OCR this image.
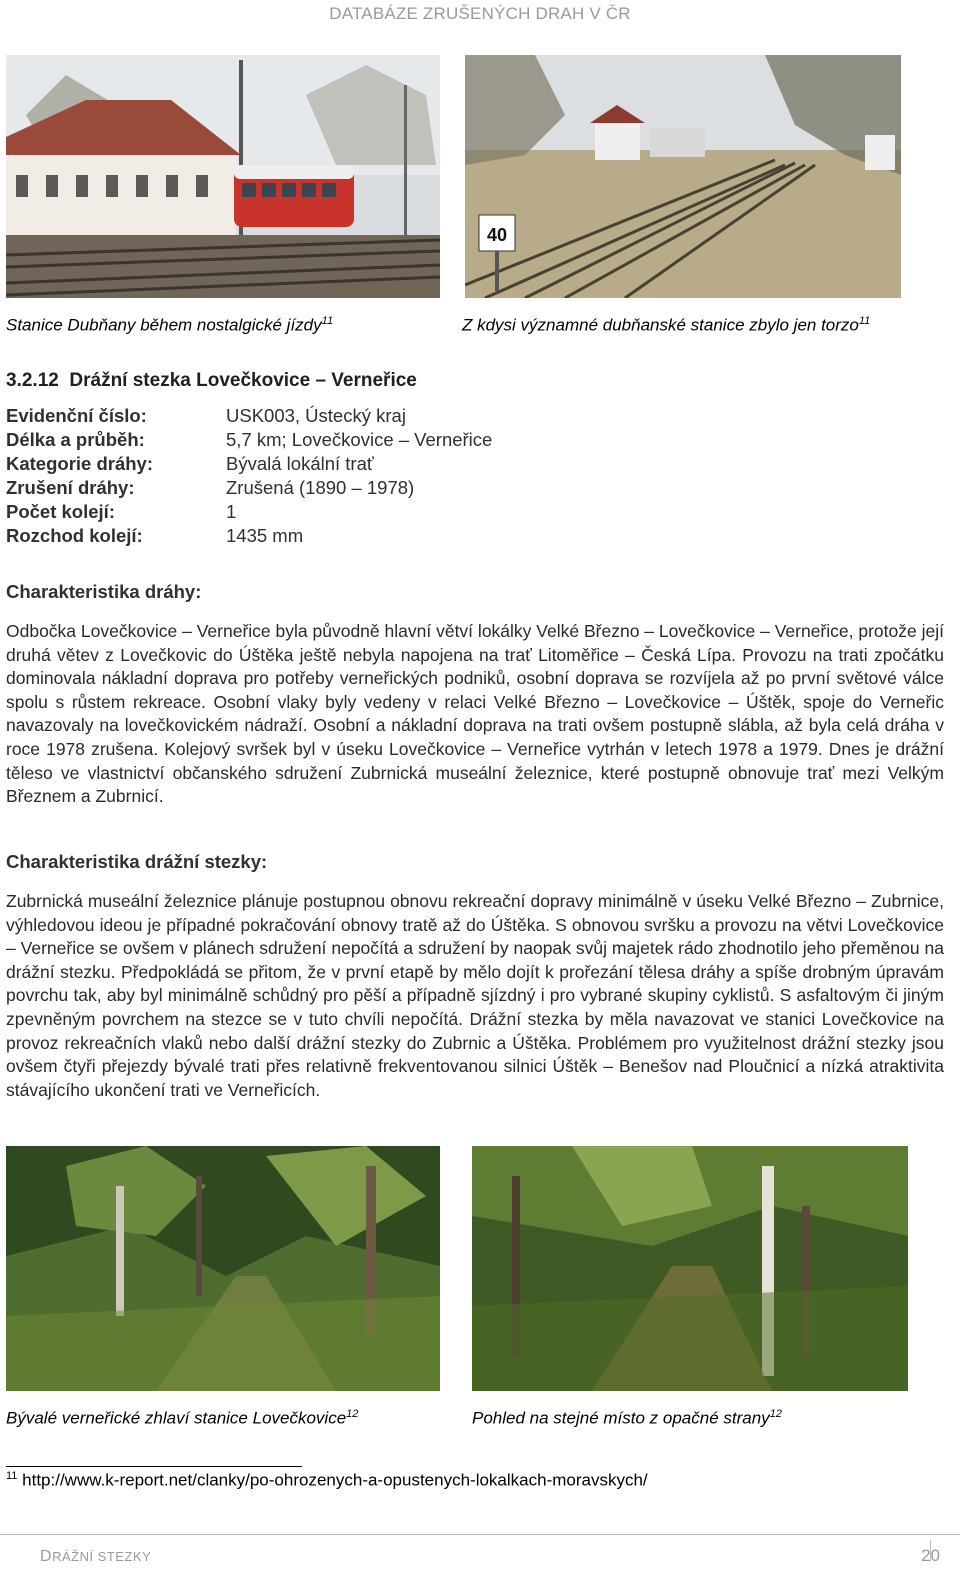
DATABÁZE ZRUŠENÝCH DRAH V ČR
40
Stanice Dubňany během nostalgické jízdy$^{11}$	Z kdysi významné dubňanské stanice zbylo jen torzo$^{11}$
3.2.12 Drážní stezka Lovečkovice – Verneřice
Evidenční číslo:	USK003, Ústecký kraj
Délka a průběh:	5,7 km; Lovečkovice – Verneřice
Kategorie dráhy:	Bývalá lokální trať
Zrušení dráhy:	Zrušená (1890 – 1978)
Počet kolejí:	1
Rozchod kolejí:	1435 mm
Charakteristika dráhy:
Odbočka Lovečkovice – Verneřice byla původně hlavní větví lokálky Velké Březno – Lovečkovice – Verneřice, protože její druhá větev z Lovečkovic do Úštěka ještě nebyla napojena na trať Litoměřice – Česká Lípa. Provozu na trati zpočátku dominovala nákladní doprava pro potřeby verneřických podniků, osobní doprava se rozvíjela až po první světové válce spolu s růstem rekreace. Osobní vlaky byly vedeny v relaci Velké Březno – Lovečkovice – Úštěk, spoje do Verneřic navazovaly na lovečkovickém nádraží. Osobní a nákladní doprava na trati ovšem postupně slábla, až byla celá dráha v roce 1978 zrušena. Kolejový svršek byl v úseku Lovečkovice – Verneřice vytrhán v letech 1978 a 1979. Dnes je drážní těleso ve vlastnictví občanského sdružení Zubrnická museální železnice, které postupně obnovuje trať mezi Velkým Březnem a Zubrnicí.
Charakteristika drážní stezky:
Zubrnická museální železnice plánuje postupnou obnovu rekreační dopravy minimálně v úseku Velké Březno – Zubrnice, výhledovou ideou je případné pokračování obnovy tratě až do Úštěka. S obnovou svršku a provozu na větvi Lovečkovice – Verneřice se ovšem v plánech sdružení nepočítá a sdružení by naopak svůj majetek rádo zhodnotilo jeho přeměnou na drážní stezku. Předpokládá se přitom, že v první etapě by mělo dojít k prořezání tělesa dráhy a spíše drobným úpravám povrchu tak, aby byl minimálně schůdný pro pěší a případně sjízdný i pro vybrané skupiny cyklistů. S asfaltovým či jiným zpevněným povrchem na stezce se v tuto chvíli nepočítá. Drážní stezka by měla navazovat ve stanici Lovečkovice na provoz rekreačních vlaků nebo další drážní stezky do Zubrnic a Úštěka. Problémem pro využitelnost drážní stezky jsou ovšem čtyři přejezdy bývalé trati přes relativně frekventovanou silnici Úštěk – Benešov nad Ploučnicí a nízká atraktivita stávajícího ukončení trati ve Verneřicích.
Bývalé verneřické zhlaví stanice Lovečkovice$^{12}$	Pohled na stejné místo z opačné strany$^{12}$
$^{11}$ http://www.k-report.net/clanky/po-ohrozenych-a-opustenych-lokalkach-moravskych/
DRÁŽNÍ STEZKY	20
